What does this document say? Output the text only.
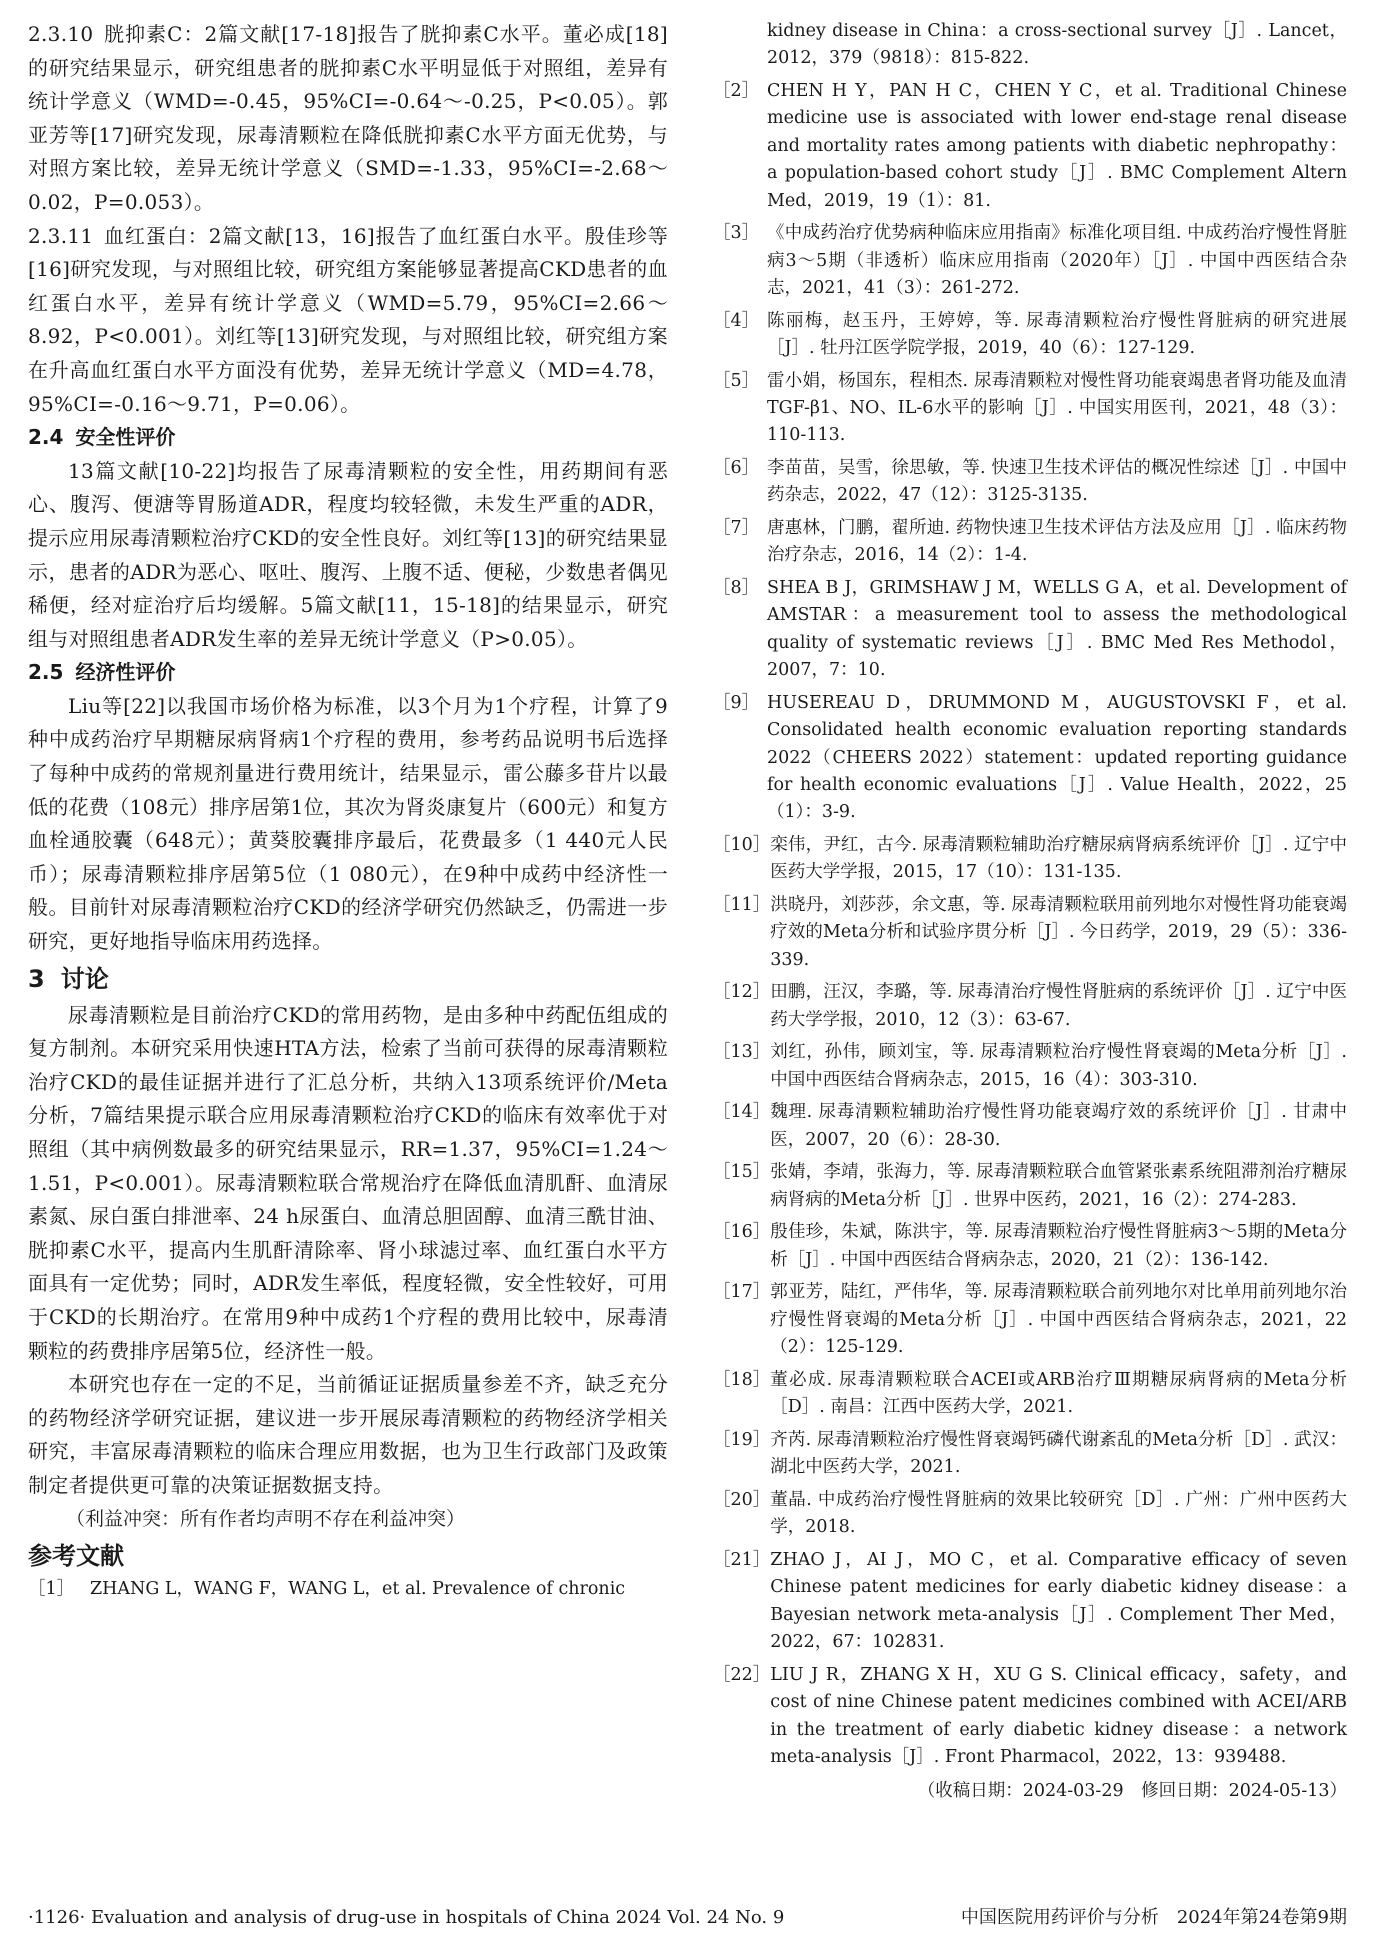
2.3.10 胱抑素C：2篇文献[17-18]报告了胱抑素C水平。董必成[18]的研究结果显示，研究组患者的胱抑素C水平明显低于对照组，差异有统计学意义（WMD=-0.45，95%CI=-0.64～-0.25，P<0.05）。郭亚芳等[17]研究发现，尿毒清颗粒在降低胱抑素C水平方面无优势，与对照方案比较，差异无统计学意义（SMD=-1.33，95%CI=-2.68～0.02，P=0.053）。

2.3.11 血红蛋白：2篇文献[13，16]报告了血红蛋白水平。殷佳珍等[16]研究发现，与对照组比较，研究组方案能够显著提高CKD患者的血红蛋白水平，差异有统计学意义（WMD=5.79，95%CI=2.66～8.92，P<0.001）。刘红等[13]研究发现，与对照组比较，研究组方案在升高血红蛋白水平方面没有优势，差异无统计学意义（MD=4.78，95%CI=-0.16～9.71，P=0.06）。

2.4 安全性评价

13篇文献[10-22]均报告了尿毒清颗粒的安全性，用药期间有恶心、腹泻、便溏等胃肠道ADR，程度均较轻微，未发生严重的ADR，提示应用尿毒清颗粒治疗CKD的安全性良好。刘红等[13]的研究结果显示，患者的ADR为恶心、呕吐、腹泻、上腹不适、便秘，少数患者偶见稀便，经对症治疗后均缓解。5篇文献[11，15-18]的结果显示，研究组与对照组患者ADR发生率的差异无统计学意义（P>0.05）。

2.5 经济性评价

Liu等[22]以我国市场价格为标准，以3个月为1个疗程，计算了9种中成药治疗早期糖尿病肾病1个疗程的费用，参考药品说明书后选择了每种中成药的常规剂量进行费用统计，结果显示，雷公藤多苷片以最低的花费（108元）排序居第1位，其次为肾炎康复片（600元）和复方血栓通胶囊（648元）；黄葵胶囊排序最后，花费最多（1 440元人民币）；尿毒清颗粒排序居第5位（1 080元），在9种中成药中经济性一般。目前针对尿毒清颗粒治疗CKD的经济学研究仍然缺乏，仍需进一步研究，更好地指导临床用药选择。

3 讨论

尿毒清颗粒是目前治疗CKD的常用药物，是由多种中药配伍组成的复方制剂。本研究采用快速HTA方法，检索了当前可获得的尿毒清颗粒治疗CKD的最佳证据并进行了汇总分析，共纳入13项系统评价/Meta分析，7篇结果提示联合应用尿毒清颗粒治疗CKD的临床有效率优于对照组（其中病例数最多的研究结果显示，RR=1.37，95%CI=1.24～1.51，P<0.001）。尿毒清颗粒联合常规治疗在降低血清肌酐、血清尿素氮、尿白蛋白排泄率、24 h尿蛋白、血清总胆固醇、血清三酰甘油、胱抑素C水平，提高内生肌酐清除率、肾小球滤过率、血红蛋白水平方面具有一定优势；同时，ADR发生率低，程度轻微，安全性较好，可用于CKD的长期治疗。在常用9种中成药1个疗程的费用比较中，尿毒清颗粒的药费排序居第5位，经济性一般。

本研究也存在一定的不足，当前循证证据质量参差不齐，缺乏充分的药物经济学研究证据，建议进一步开展尿毒清颗粒的药物经济学相关研究，丰富尿毒清颗粒的临床合理应用数据，也为卫生行政部门及政策制定者提供更可靠的决策证据数据支持。

（利益冲突：所有作者均声明不存在利益冲突）

参考文献
［1］ ZHANG L，WANG F，WANG L，et al. Prevalence of chronic
kidney disease in China：a cross-sectional survey［J］. Lancet，2012，379（9818）：815-822.
［2］ CHEN H Y，PAN H C，CHEN Y C，et al. Traditional Chinese medicine use is associated with lower end-stage renal disease and mortality rates among patients with diabetic nephropathy：a population-based cohort study［J］. BMC Complement Altern Med，2019，19（1）：81.
［3］ 《中成药治疗优势病种临床应用指南》标准化项目组. 中成药治疗慢性肾脏病3～5期（非透析）临床应用指南（2020年）［J］. 中国中西医结合杂志，2021，41（3）：261-272.
［4］ 陈丽梅，赵玉丹，王婷婷，等. 尿毒清颗粒治疗慢性肾脏病的研究进展［J］. 牡丹江医学院学报，2019，40（6）：127-129.
［5］ 雷小娟，杨国东，程相杰. 尿毒清颗粒对慢性肾功能衰竭患者肾功能及血清TGF-β1、NO、IL-6水平的影响［J］. 中国实用医刊，2021，48（3）：110-113.
［6］ 李苗苗，吴雪，徐思敏，等. 快速卫生技术评估的概况性综述［J］. 中国中药杂志，2022，47（12）：3125-3135.
［7］ 唐惠林，门鹏，翟所迪. 药物快速卫生技术评估方法及应用［J］. 临床药物治疗杂志，2016，14（2）：1-4.
［8］ SHEA B J，GRIMSHAW J M，WELLS G A，et al. Development of AMSTAR：a measurement tool to assess the methodological quality of systematic reviews［J］. BMC Med Res Methodol，2007，7：10.
［9］ HUSEREAU D，DRUMMOND M，AUGUSTOVSKI F，et al. Consolidated health economic evaluation reporting standards 2022（CHEERS 2022）statement：updated reporting guidance for health economic evaluations［J］. Value Health，2022，25（1）：3-9.
［10］ 栾伟，尹红，古今. 尿毒清颗粒辅助治疗糖尿病肾病系统评价［J］. 辽宁中医药大学学报，2015，17（10）：131-135.
［11］ 洪晓丹，刘莎莎，余文惠，等. 尿毒清颗粒联用前列地尔对慢性肾功能衰竭疗效的Meta分析和试验序贯分析［J］. 今日药学，2019，29（5）：336-339.
［12］ 田鹏，汪汉，李璐，等. 尿毒清治疗慢性肾脏病的系统评价［J］. 辽宁中医药大学学报，2010，12（3）：63-67.
［13］ 刘红，孙伟，顾刘宝，等. 尿毒清颗粒治疗慢性肾衰竭的Meta分析［J］. 中国中西医结合肾病杂志，2015，16（4）：303-310.
［14］ 魏理. 尿毒清颗粒辅助治疗慢性肾功能衰竭疗效的系统评价［J］. 甘肃中医，2007，20（6）：28-30.
［15］ 张婧，李靖，张海力，等. 尿毒清颗粒联合血管紧张素系统阻滞剂治疗糖尿病肾病的Meta分析［J］. 世界中医药，2021，16（2）：274-283.
［16］ 殷佳珍，朱斌，陈洪宇，等. 尿毒清颗粒治疗慢性肾脏病3～5期的Meta分析［J］. 中国中西医结合肾病杂志，2020，21（2）：136-142.
［17］ 郭亚芳，陆红，严伟华，等. 尿毒清颗粒联合前列地尔对比单用前列地尔治疗慢性肾衰竭的Meta分析［J］. 中国中西医结合肾病杂志，2021，22（2）：125-129.
［18］ 董必成. 尿毒清颗粒联合ACEI或ARB治疗Ⅲ期糖尿病肾病的Meta分析［D］. 南昌：江西中医药大学，2021.
［19］ 齐芮. 尿毒清颗粒治疗慢性肾衰竭钙磷代谢紊乱的Meta分析［D］. 武汉：湖北中医药大学，2021.
［20］ 董晶. 中成药治疗慢性肾脏病的效果比较研究［D］. 广州：广州中医药大学，2018.
［21］ ZHAO J，AI J，MO C，et al. Comparative efficacy of seven Chinese patent medicines for early diabetic kidney disease：a Bayesian network meta-analysis［J］. Complement Ther Med，2022，67：102831.
［22］ LIU J R，ZHANG X H，XU G S. Clinical efficacy，safety，and cost of nine Chinese patent medicines combined with ACEI/ARB in the treatment of early diabetic kidney disease：a network meta-analysis［J］. Front Pharmacol，2022，13：939488.
（收稿日期：2024-03-29　修回日期：2024-05-13）
·1126· Evaluation and analysis of drug-use in hospitals of China 2024 Vol. 24 No. 9	中国医院用药评价与分析　2024年第24卷第9期
